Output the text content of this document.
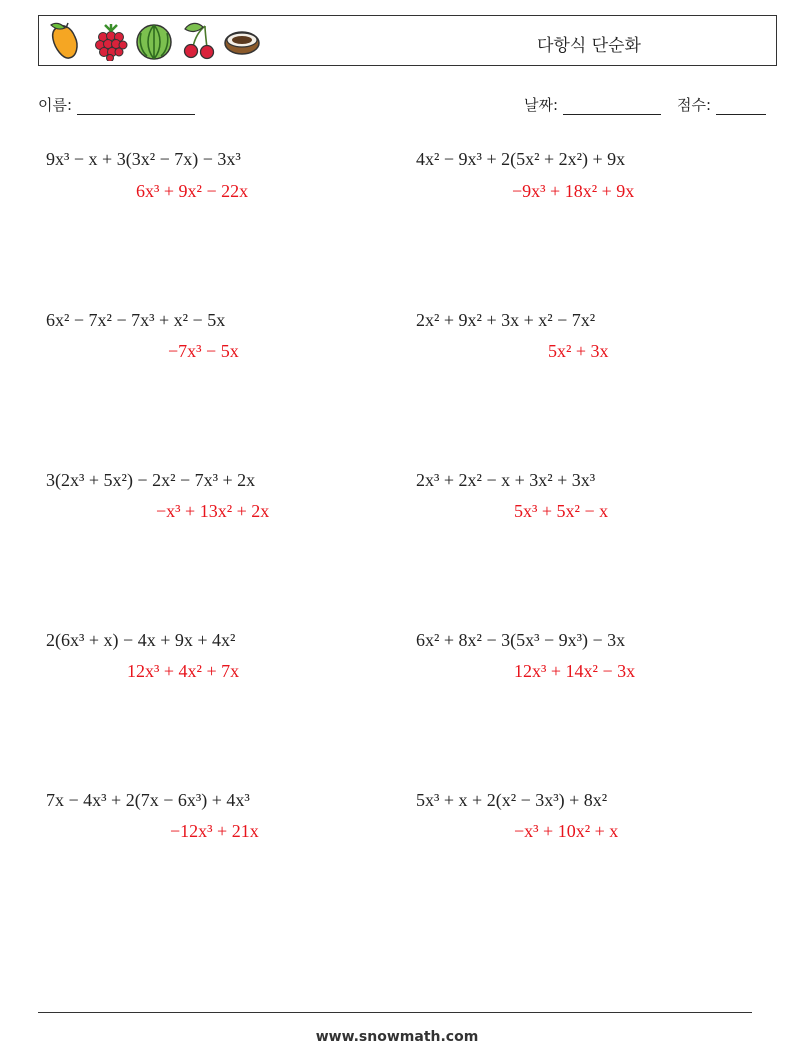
다항식 단순화
이름:	날짜:	점수:
9x³ − x + 3(3x² − 7x) − 3x³
6x³ + 9x² − 22x
6x² − 7x² − 7x³ + x² − 5x
−7x³ − 5x
3(2x³ + 5x²) − 2x² − 7x³ + 2x
−x³ + 13x² + 2x
2(6x³ + x) − 4x + 9x + 4x²
12x³ + 4x² + 7x
7x − 4x³ + 2(7x − 6x³) + 4x³
−12x³ + 21x
4x² − 9x³ + 2(5x² + 2x²) + 9x
−9x³ + 18x² + 9x
2x² + 9x² + 3x + x² − 7x²
5x² + 3x
2x³ + 2x² − x + 3x² + 3x³
5x³ + 5x² − x
6x² + 8x² − 3(5x³ − 9x³) − 3x
12x³ + 14x² − 3x
5x³ + x + 2(x² − 3x³) + 8x²
−x³ + 10x² + x
www.snowmath.com
